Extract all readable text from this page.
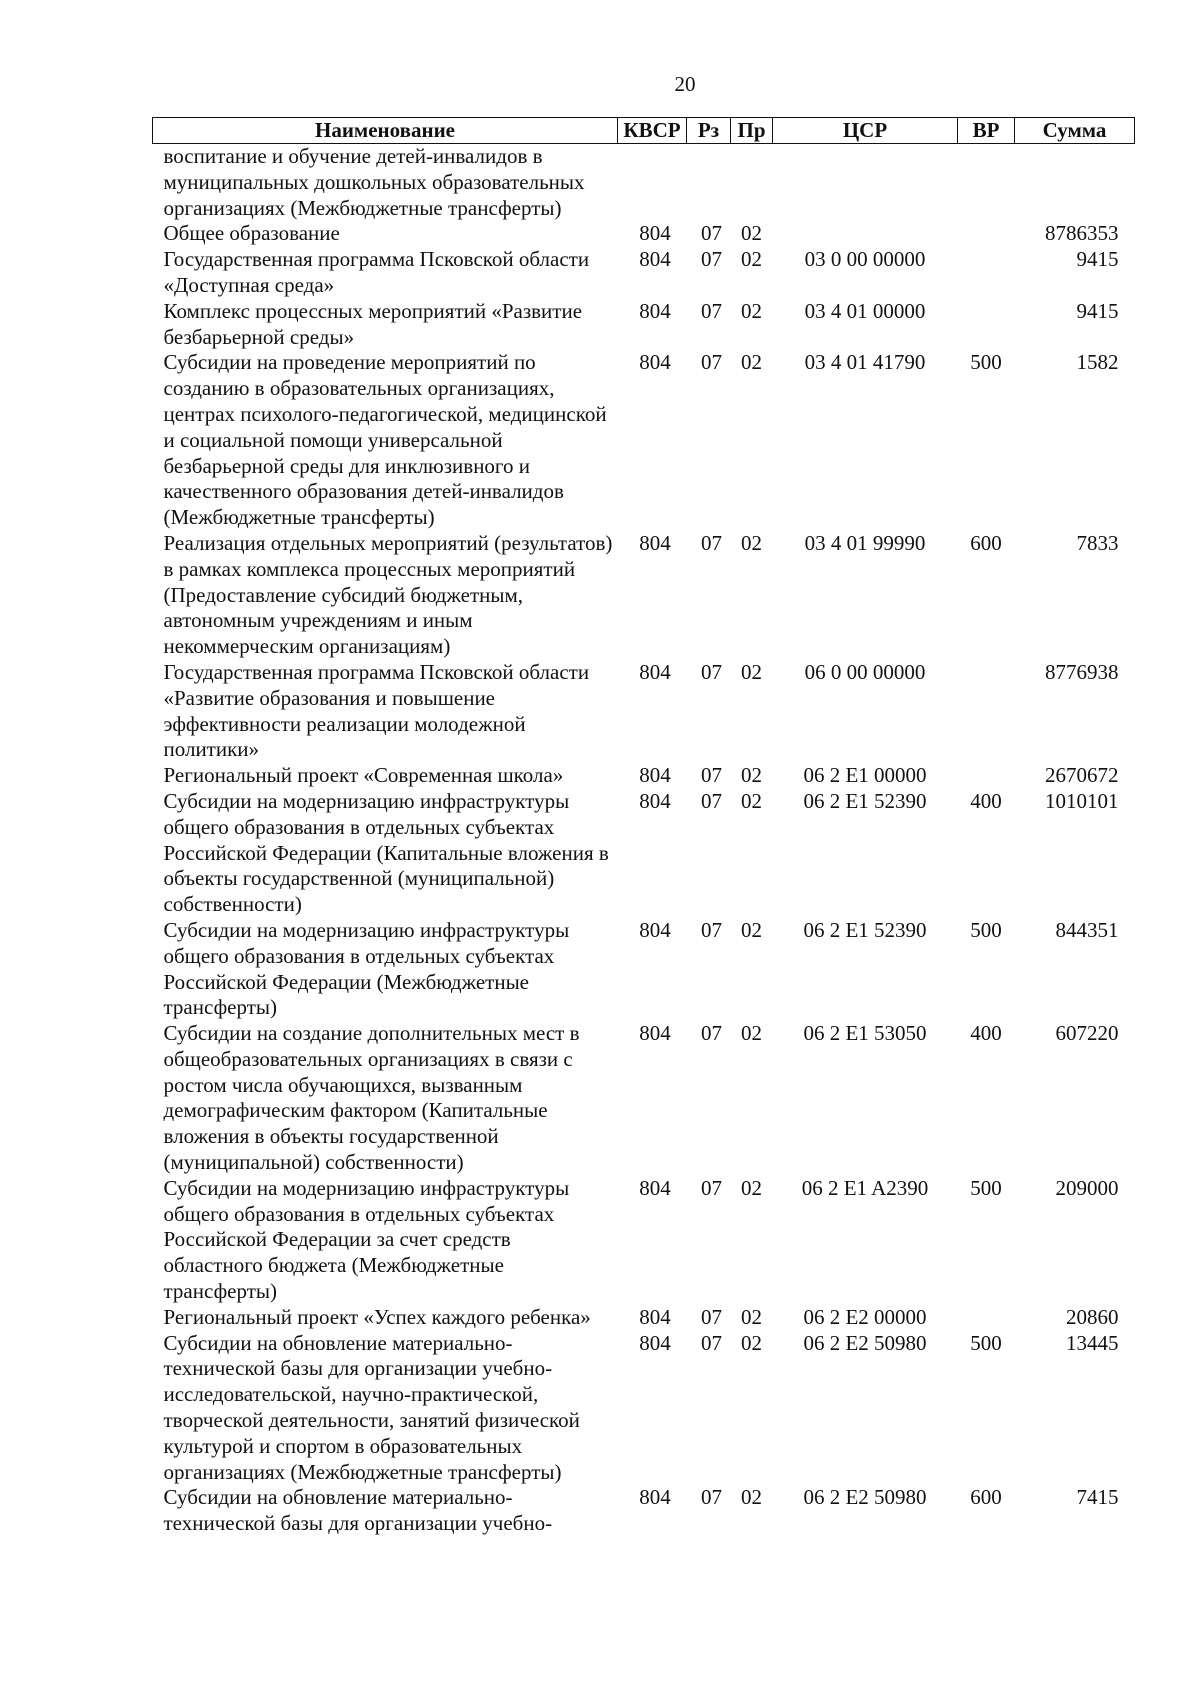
20
Наименование	КВСР	Рз	Пр	ЦСР	ВР	Сумма
воспитание и обучение детей-инвалидов в муниципальных дошкольных образовательных организациях (Межбюджетные трансферты)						
Общее образование	804	07	02			8786353
Государственная программа Псковской области «Доступная среда»	804	07	02	03 0 00 00000		9415
Комплекс процессных мероприятий «Развитие безбарьерной среды»	804	07	02	03 4 01 00000		9415
Субсидии на проведение мероприятий по созданию в образовательных организациях, центрах психолого-педагогической, медицинской и социальной помощи универсальной безбарьерной среды для инклюзивного и качественного образования детей-инвалидов (Межбюджетные трансферты)	804	07	02	03 4 01 41790	500	1582
Реализация отдельных мероприятий (результатов) в рамках комплекса процессных мероприятий (Предоставление субсидий бюджетным, автономным учреждениям и иным некоммерческим организациям)	804	07	02	03 4 01 99990	600	7833
Государственная программа Псковской области «Развитие образования и повышение эффективности реализации молодежной политики»	804	07	02	06 0 00 00000		8776938
Региональный проект «Современная школа»	804	07	02	06 2 E1 00000		2670672
Субсидии на модернизацию инфраструктуры общего образования в отдельных субъектах Российской Федерации (Капитальные вложения в объекты государственной (муниципальной) собственности)	804	07	02	06 2 E1 52390	400	1010101
Субсидии на модернизацию инфраструктуры общего образования в отдельных субъектах Российской Федерации (Межбюджетные трансферты)	804	07	02	06 2 E1 52390	500	844351
Субсидии на создание дополнительных мест в общеобразовательных организациях в связи с ростом числа обучающихся, вызванным демографическим фактором (Капитальные вложения в объекты государственной (муниципальной) собственности)	804	07	02	06 2 E1 53050	400	607220
Субсидии на модернизацию инфраструктуры общего образования в отдельных субъектах Российской Федерации за счет средств областного бюджета (Межбюджетные трансферты)	804	07	02	06 2 E1 A2390	500	209000
Региональный проект «Успех каждого ребенка»	804	07	02	06 2 E2 00000		20860
Субсидии на обновление материально-технической базы для организации учебно-исследовательской, научно-практической, творческой деятельности, занятий физической культурой и спортом в образовательных организациях (Межбюджетные трансферты)	804	07	02	06 2 E2 50980	500	13445
Субсидии на обновление материально-технической базы для организации учебно-	804	07	02	06 2 E2 50980	600	7415
